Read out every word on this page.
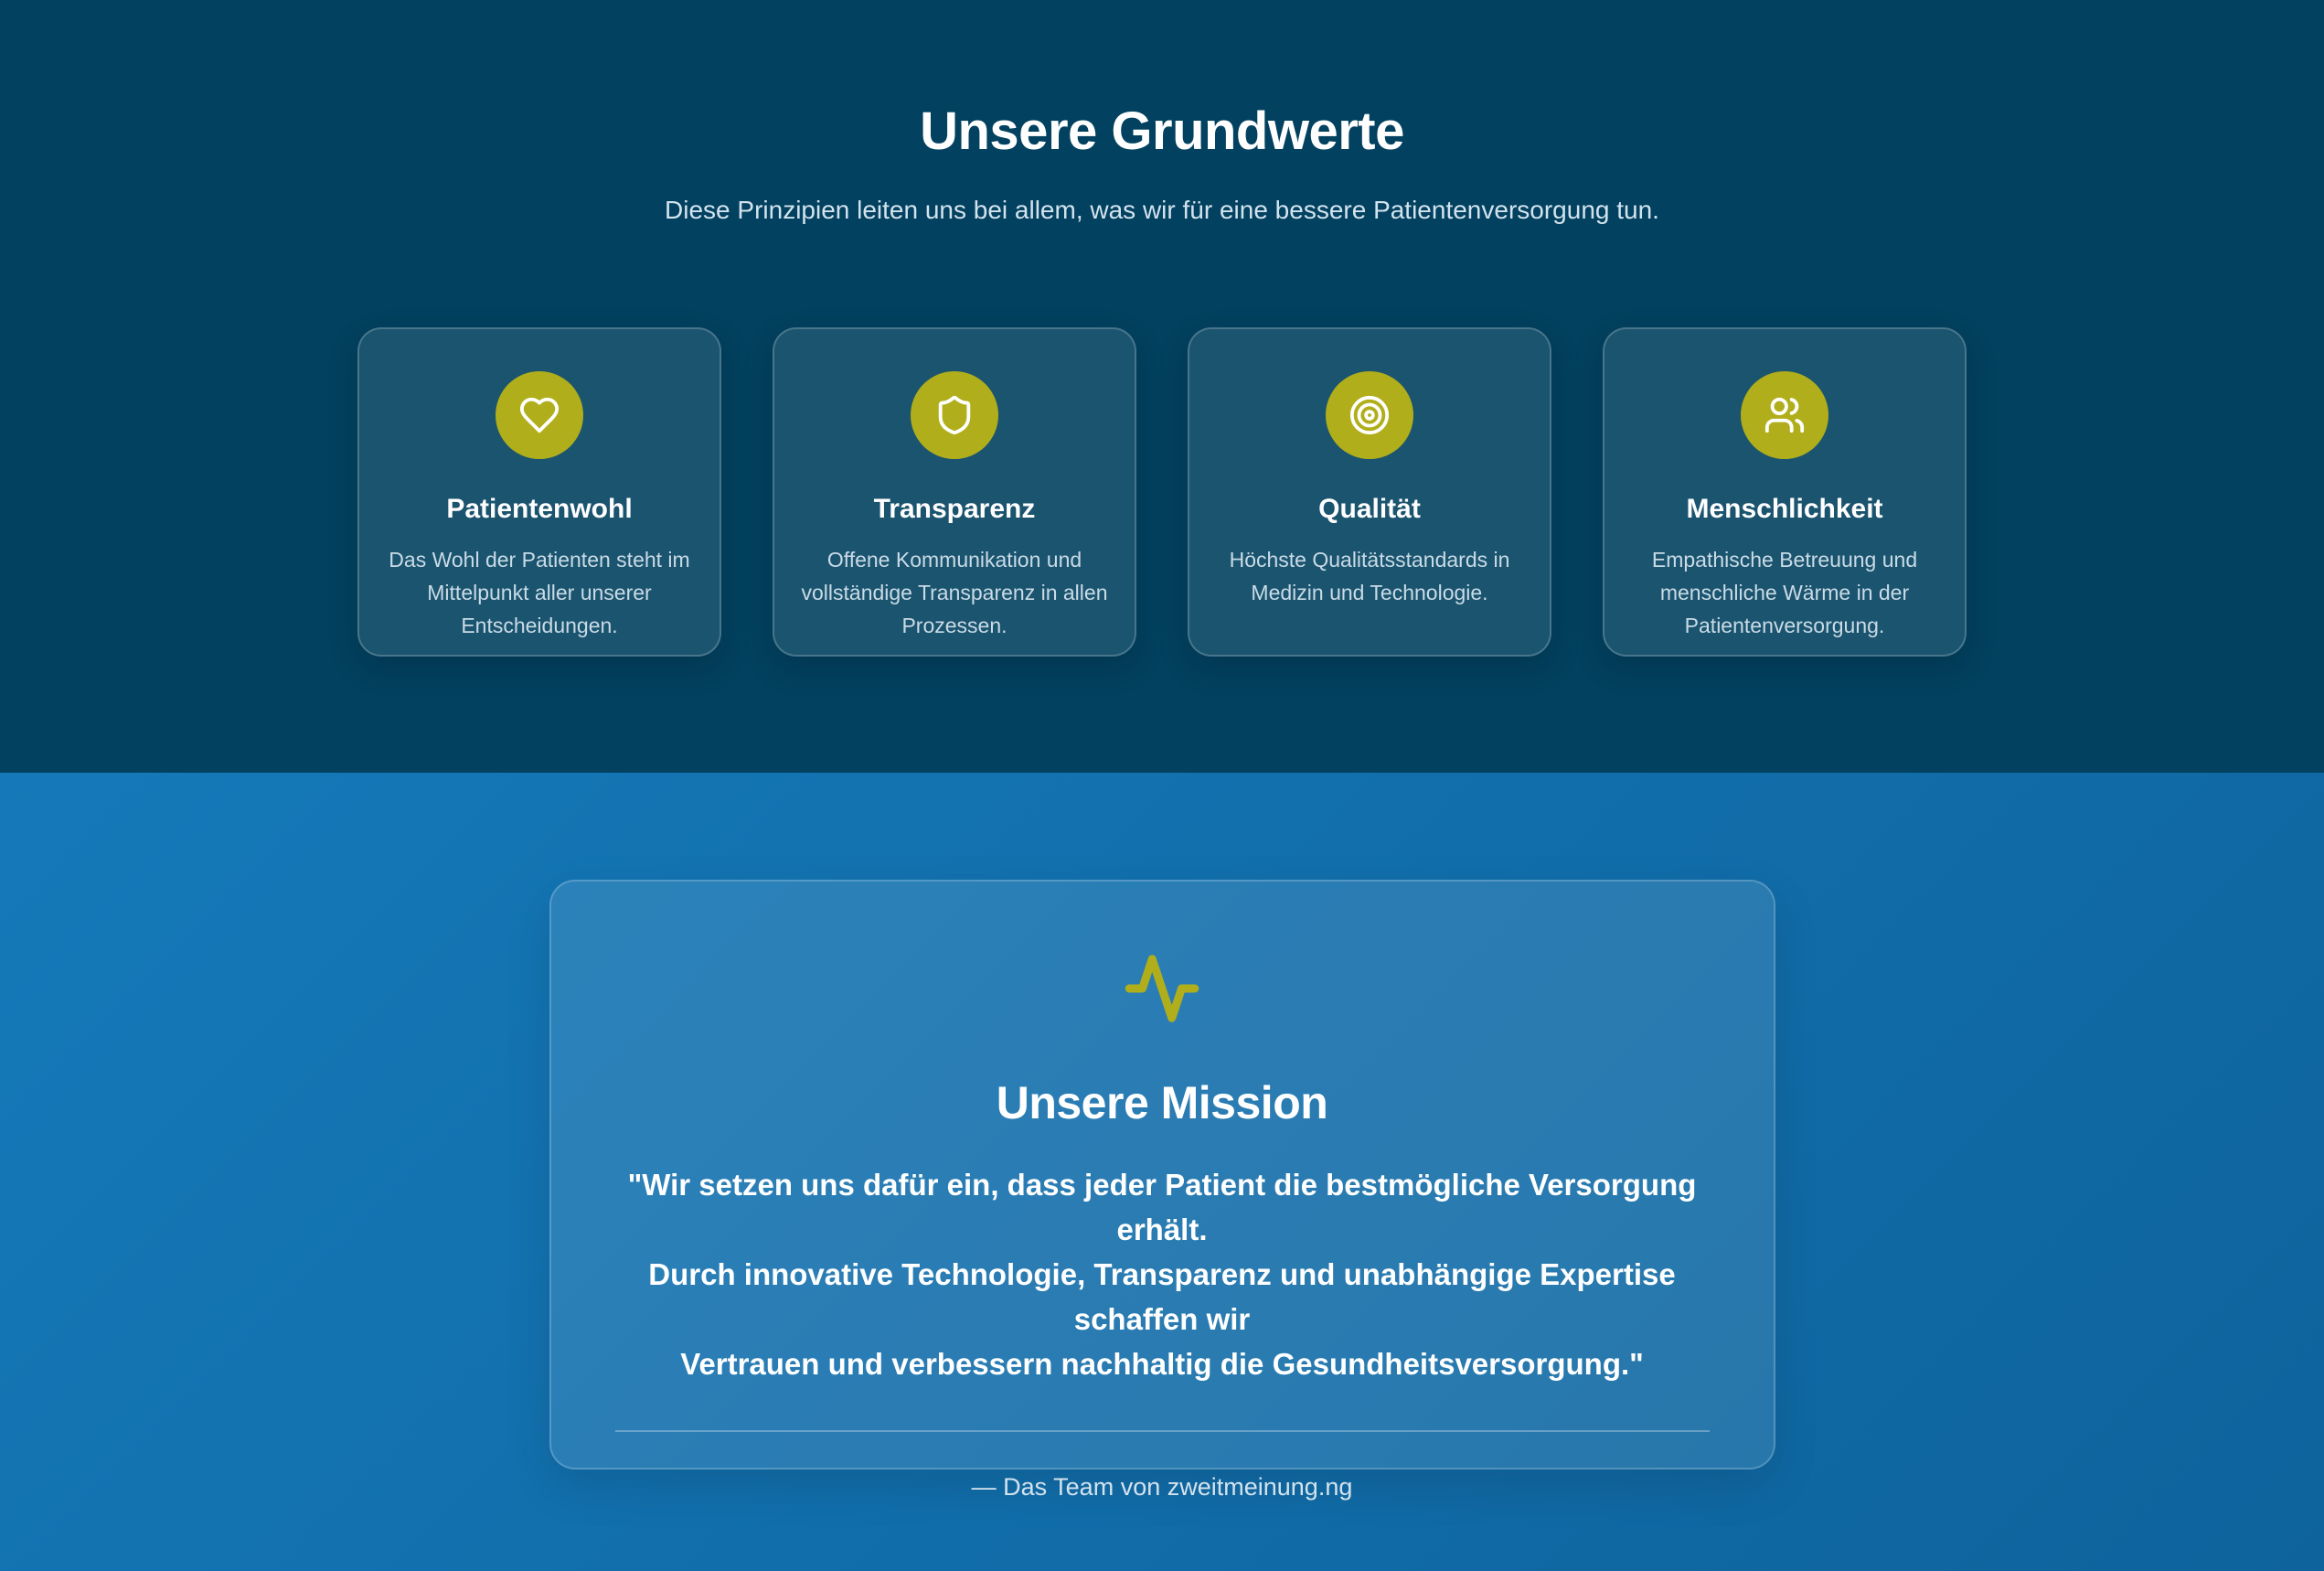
Unsere Grundwerte

Diese Prinzipien leiten uns bei allem, was wir für eine bessere Patientenversorgung tun.

Patientenwohl

Das Wohl der Patienten steht im Mittelpunkt aller unserer Entscheidungen.

Transparenz

Offene Kommunikation und vollständige Transparenz in allen Prozessen.

Qualität

Höchste Qualitätsstandards in Medizin und Technologie.

Menschlichkeit

Empathische Betreuung und menschliche Wärme in der Patientenversorgung.

Unsere Mission

"Wir setzen uns dafür ein, dass jeder Patient die bestmögliche Versorgung erhält.
Durch innovative Technologie, Transparenz und unabhängige Expertise schaffen wir
Vertrauen und verbessern nachhaltig die Gesundheitsversorgung."

— Das Team von zweitmeinung.ng
